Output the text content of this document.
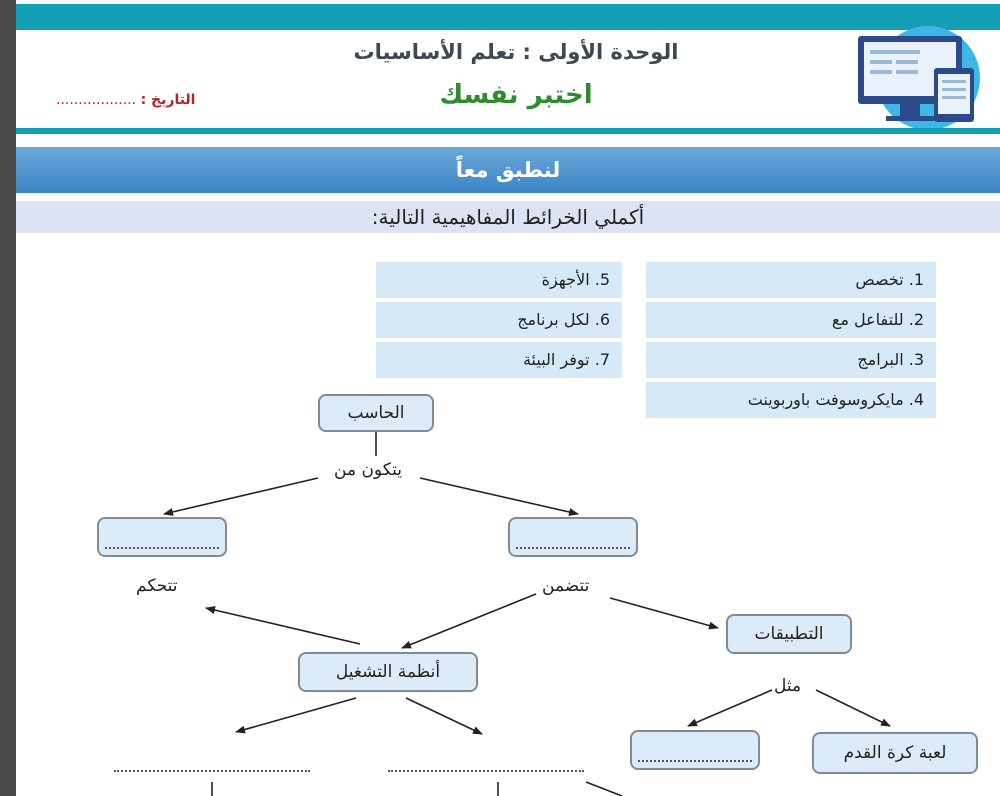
الوحدة الأولى : تعلم الأساسيات
اختبر نفسك
التاريخ : ..................
لنطبق معاً
أكملي الخرائط المفاهيمية التالية:
1. تخصص
2. للتفاعل مع
3. البرامج
4. مايكروسوفت باوربوينت
5. الأجهزة
6. لكل برنامج
7. توفر البيئة
الحاسب
يتكون من
تتحكم	تتضمن
التطبيقات
أنظمة التشغيل
مثل
لعبة كرة القدم
